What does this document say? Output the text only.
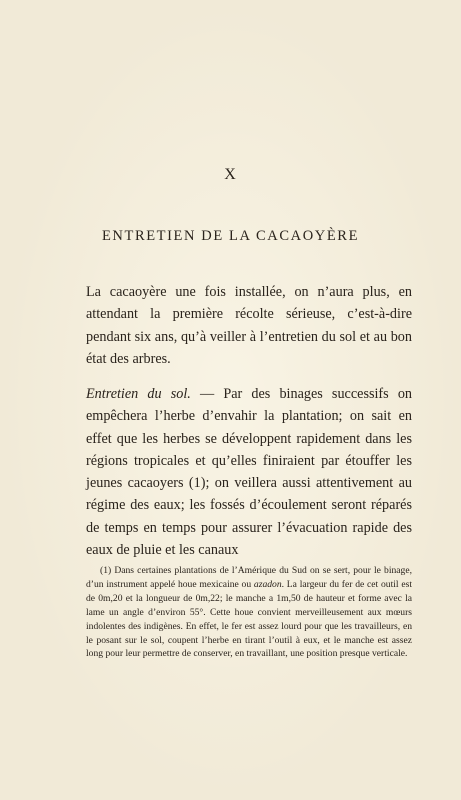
X
ENTRETIEN DE LA CACAOYÈRE

La cacaoyère une fois installée, on n’aura plus, en attendant la première récolte sérieuse, c’est-à-dire pendant six ans, qu’à veiller à l’entretien du sol et au bon état des arbres.

Entretien du sol. — Par des binages successifs on empêchera l’herbe d’envahir la plantation; on sait en effet que les herbes se développent rapidement dans les régions tropicales et qu’elles finiraient par étouffer les jeunes cacaoyers (1); on veillera aussi attentivement au régime des eaux; les fossés d’écoulement seront réparés de temps en temps pour assurer l’évacuation rapide des eaux de pluie et les canaux

(1) Dans certaines plantations de l’Amérique du Sud on se sert, pour le binage, d’un instrument appelé houe mexicaine ou azadon. La largeur du fer de cet outil est de 0m,20 et la longueur de 0m,22; le manche a 1m,50 de hauteur et forme avec la lame un angle d’environ 55°. Cette houe convient merveilleusement aux mœurs indolentes des indigènes. En effet, le fer est assez lourd pour que les travailleurs, en le posant sur le sol, coupent l’herbe en tirant l’outil à eux, et le manche est assez long pour leur permettre de conserver, en travaillant, une position presque verticale.
